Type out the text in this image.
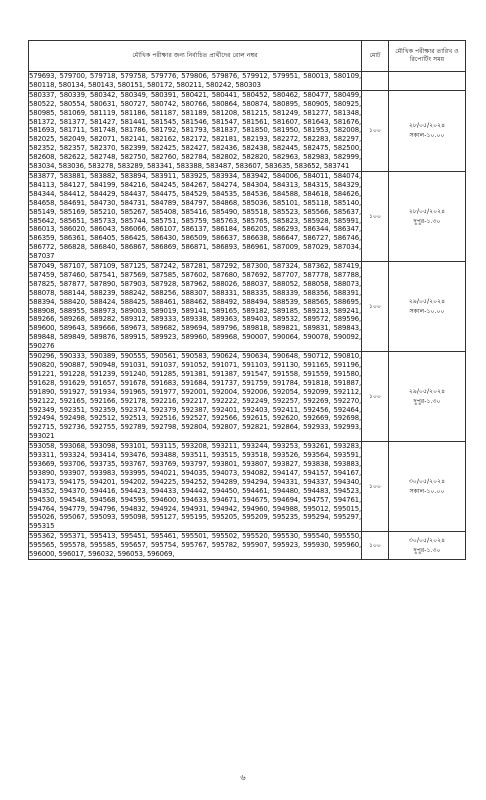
মৌখিক পরীক্ষার জন্য নির্বাচিত প্রার্থীদের রোল নম্বর	মোট	মৌখিক পরীক্ষার তারিখ ও রিপোর্টিং সময়
579693, 579700, 579718, 579758, 579776, 579806, 579876, 579912, 579951, 580013, 580109, 580118, 580134, 580143, 580151, 580172, 580211, 580242, 580303		

580337, 580339, 580342, 580349, 580391, 580421, 580441, 580452, 580462, 580477, 580499, 580522, 580554, 580631, 580727, 580742, 580766, 580864, 580874, 580895, 580905, 580925, 580985, 581069, 581119, 581186, 581187, 581189, 581208, 581215, 581249, 581277, 581348, 581372, 581377, 581427, 581441, 581545, 581546, 581547, 581561, 581607, 581643, 581676, 581693, 581711, 581748, 581786, 581792, 581793, 581837, 581850, 581950, 581953, 582008, 582025, 582049, 582071, 582141, 582162, 582172, 582181, 582193, 582272, 582283, 582297, 582352, 582357, 582370, 582399, 582425, 582427, 582436, 582438, 582445, 582475, 582500, 582608, 582622, 582748, 582750, 582760, 582784, 582802, 582820, 582963, 582983, 582999, 583034, 583036, 583278, 583289, 583341, 583388, 583487, 583607, 583635, 583652, 583741	১০০	২৮/০৫/২০২৪
সকাল-১০.০০

583877, 583881, 583882, 583894, 583911, 583925, 583934, 583942, 584006, 584011, 584074, 584113, 584127, 584199, 584216, 584245, 584267, 584274, 584304, 584313, 584315, 584329, 584344, 584412, 584429, 584437, 584475, 584529, 584535, 584536, 584588, 584618, 584626, 584658, 584691, 584730, 584731, 584789, 584797, 584868, 585036, 585101, 585118, 585140, 585149, 585169, 585210, 585267, 585408, 585416, 585490, 585518, 585523, 585566, 585637, 585642, 585651, 585733, 585744, 585751, 585759, 585763, 585765, 585823, 585928, 585991, 586013, 586020, 586043, 586066, 586107, 586137, 586184, 586205, 586293, 586344, 586347, 586359, 586361, 586405, 586425, 586430, 586509, 586637, 586638, 586647, 586727, 586746, 586772, 586828, 586840, 586867, 586869, 586871, 586893, 586961, 587009, 587029, 587034, 587037	১০০	২৮/০৫/২০২৪
দুপুর-১.৩০

587049, 587107, 587109, 587125, 587242, 587281, 587292, 587300, 587324, 587362, 587419, 587459, 587460, 587541, 587569, 587585, 587602, 587680, 587692, 587707, 587778, 587788, 587825, 587877, 587890, 587903, 587928, 587962, 588026, 588037, 588052, 588058, 588073, 588078, 588144, 588239, 588242, 588256, 588307, 588331, 588335, 588339, 588356, 588391, 588394, 588420, 588424, 588425, 588461, 588462, 588492, 588494, 588539, 588565, 588695, 588908, 588955, 588973, 589003, 589019, 589141, 589165, 589182, 589185, 589213, 589241, 589266, 589268, 589282, 589312, 589333, 589338, 589363, 589403, 589532, 589572, 589596, 589600, 589643, 589666, 589673, 589682, 589694, 589796, 589818, 589821, 589831, 589843, 589848, 589849, 589876, 589915, 589923, 589960, 589968, 590007, 590064, 590078, 590092, 590276	১০০	২৯/০৫/২০২৪
সকাল-১০.০০

590296, 590333, 590389, 590555, 590561, 590583, 590624, 590634, 590648, 590712, 590810, 590820, 590887, 590948, 591031, 591037, 591052, 591071, 591103, 591130, 591165, 591196, 591221, 591228, 591239, 591240, 591285, 591381, 591387, 591547, 591558, 591559, 591580, 591628, 591629, 591657, 591678, 591683, 591684, 591737, 591759, 591784, 591818, 591887, 591890, 591927, 591934, 591965, 591977, 592001, 592004, 592006, 592054, 592099, 592112, 592122, 592165, 592166, 592178, 592216, 592217, 592222, 592249, 592257, 592269, 592270, 592349, 592351, 592359, 592374, 592379, 592387, 592401, 592403, 592411, 592456, 592464, 592494, 592498, 592512, 592513, 592516, 592527, 592566, 592615, 592620, 592669, 592698, 592715, 592736, 592755, 592789, 592798, 592804, 592807, 592821, 592864, 592933, 592993, 593021	১০০	২৯/০৫/২০২৪
দুপুর-১.৩০

593058, 593068, 593098, 593101, 593115, 593208, 593211, 593244, 593253, 593261, 593283, 593311, 593324, 593414, 593476, 593488, 593511, 593515, 593518, 593526, 593564, 593591, 593669, 593706, 593735, 593767, 593769, 593797, 593801, 593807, 593827, 593838, 593883, 593890, 593907, 593983, 593995, 594021, 594035, 594073, 594082, 594147, 594157, 594167, 594173, 594175, 594201, 594202, 594225, 594252, 594289, 594294, 594331, 594337, 594340, 594352, 594370, 594416, 594423, 594433, 594442, 594450, 594461, 594480, 594483, 594523, 594530, 594548, 594568, 594595, 594600, 594633, 594671, 594675, 594694, 594757, 594761, 594764, 594779, 594796, 594832, 594924, 594931, 594942, 594960, 594988, 595012, 595015, 595026, 595067, 595093, 595098, 595127, 595195, 595205, 595209, 595235, 595294, 595297, 595315	১০০	৩০/০৫/২০২৪
সকাল-১০.০০

595362, 595371, 595413, 595451, 595461, 595501, 595502, 595520, 595530, 595540, 595550, 595565, 595578, 595585, 595657, 595754, 595767, 595782, 595907, 595923, 595930, 595960, 596000, 596017, 596032, 596053, 596069,	১০০	৩০/০৫/২০২৪
দুপুর-১.৩০
৬
